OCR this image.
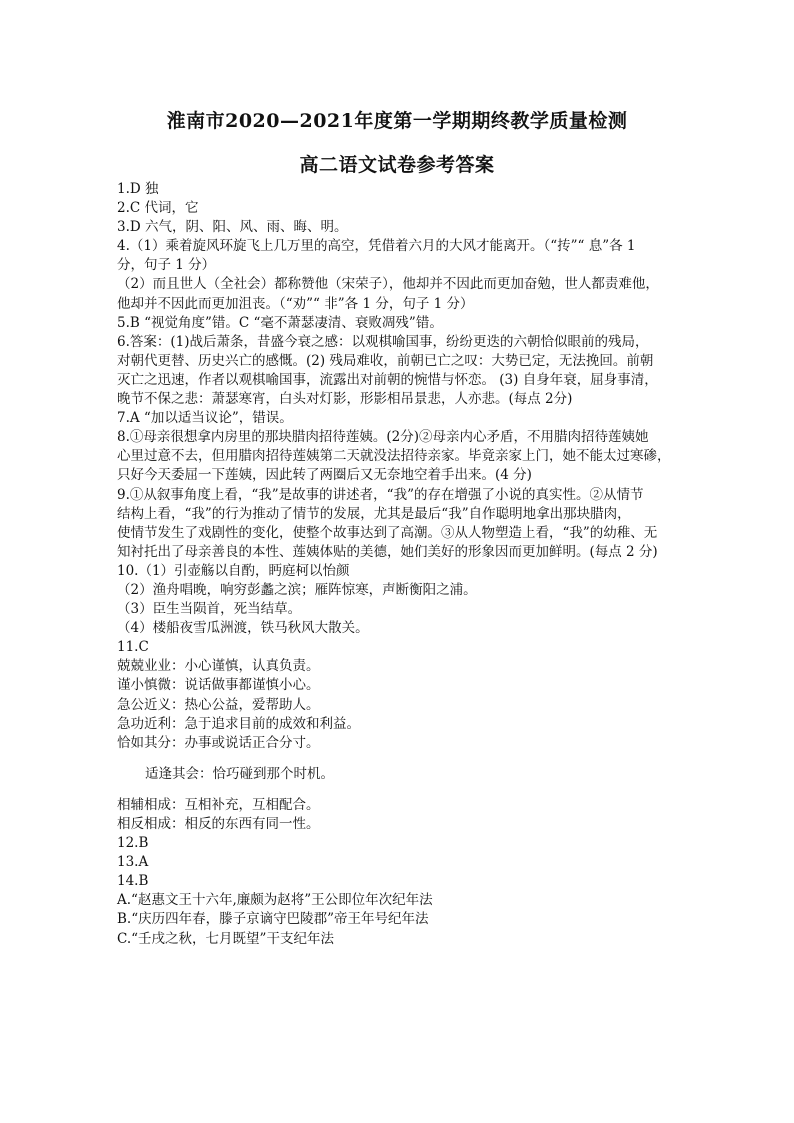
淮南市2020—2021年度第一学期期终教学质量检测
高二语文试卷参考答案
1.D 独
2.C 代词，它
3.D 六气，阴、阳、风、雨、晦、明。
4.（1）乘着旋风环旋飞上几万里的高空，凭借着六月的大风才能离开。（“抟”“ 息”各 1
分，句子 1 分）
（2）而且世人（全社会）都称赞他（宋荣子），他却并不因此而更加奋勉，世人都责难他，
他却并不因此而更加沮丧。（“劝”“ 非”各 1 分，句子 1 分）
5.B “视觉角度”错。C “毫不萧瑟凄清、衰败凋残”错。
6.答案：(1)战后萧条，昔盛今衰之感：以观棋喻国事，纷纷更迭的六朝恰似眼前的残局，
对朝代更替、历史兴亡的感慨。(2) 残局难收，前朝已亡之叹：大势已定，无法挽回。前朝
灭亡之迅速，作者以观棋喻国事，流露出对前朝的惋惜与怀恋。 (3) 自身年衰，屈身事清，
晚节不保之悲：萧瑟寒宵，白头对灯影，形影相吊景悲，人亦悲。(每点 2分)
7.A “加以适当议论”，错误。
8.①母亲很想拿内房里的那块腊肉招待莲姨。(2分)②母亲内心矛盾，不用腊肉招待莲姨她
心里过意不去，但用腊肉招待莲姨第二天就没法招待亲家。毕竟亲家上门，她不能太过寒碜，
只好今天委屈一下莲姨，因此转了两圈后又无奈地空着手出来。(4 分)
9.①从叙事角度上看，“我”是故事的讲述者，“我”的存在增强了小说的真实性。②从情节
结构上看，“我”的行为推动了情节的发展，尤其是最后“我”自作聪明地拿出那块腊肉，
使情节发生了戏剧性的变化，使整个故事达到了高潮。③从人物塑造上看，“我”的幼稚、无
知衬托出了母亲善良的本性、莲姨体贴的美德，她们美好的形象因而更加鲜明。(每点 2 分)
10.（1）引壶觞以自酌，眄庭柯以怡颜
（2）渔舟唱晚，响穷彭蠡之滨；雁阵惊寒，声断衡阳之浦。
（3）臣生当陨首，死当结草。
（4）楼船夜雪瓜洲渡，铁马秋风大散关。
11.C
兢兢业业：小心谨慎，认真负责。
谨小慎微：说话做事都谨慎小心。
急公近义：热心公益，爱帮助人。
急功近利：急于追求目前的成效和利益。
恰如其分：办事或说话正合分寸。
适逢其会：恰巧碰到那个时机。
相辅相成：互相补充，互相配合。
相反相成：相反的东西有同一性。
12.B
13.A
14.B
A.“赵惠文王十六年,廉颇为赵将”王公即位年次纪年法
B.“庆历四年春，滕子京谪守巴陵郡”帝王年号纪年法
C.“壬戌之秋，七月既望”干支纪年法
